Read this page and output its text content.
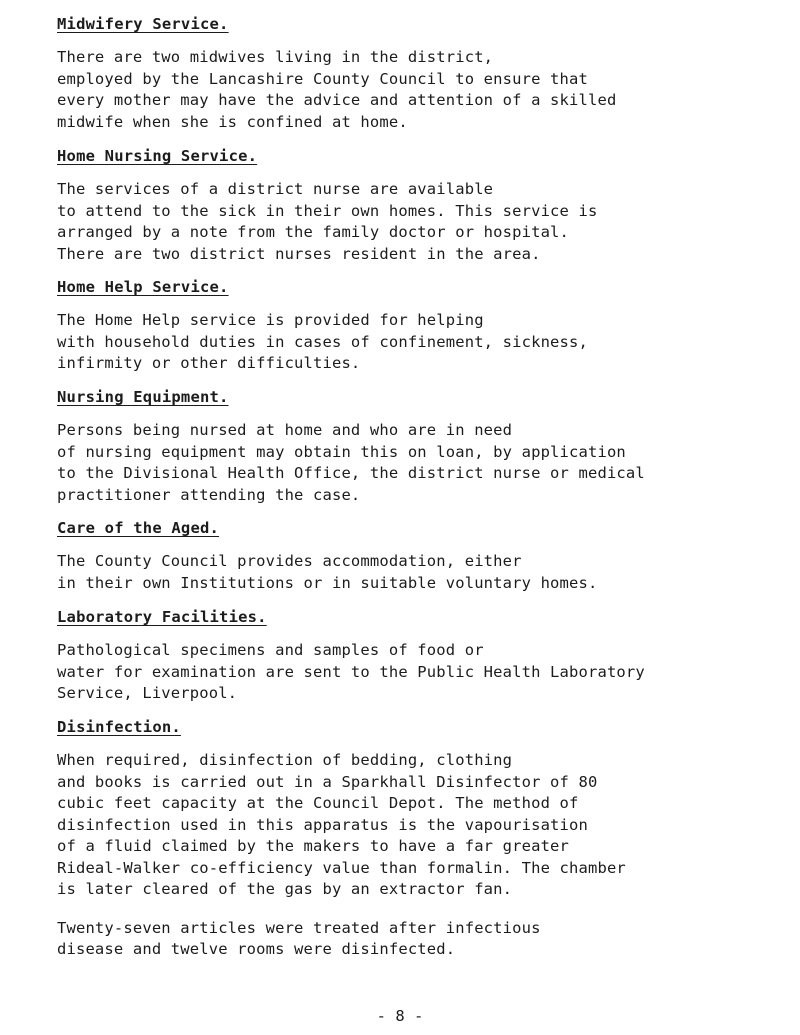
Midwifery Service.

There are two midwives living in the district,
employed by the Lancashire County Council to ensure that
every mother may have the advice and attention of a skilled
midwife when she is confined at home.

Home Nursing Service.

The services of a district nurse are available
to attend to the sick in their own homes. This service is
arranged by a note from the family doctor or hospital.
There are two district nurses resident in the area.

Home Help Service.

The Home Help service is provided for helping
with household duties in cases of confinement, sickness,
infirmity or other difficulties.

Nursing Equipment.

Persons being nursed at home and who are in need
of nursing equipment may obtain this on loan, by application
to the Divisional Health Office, the district nurse or medical
practitioner attending the case.

Care of the Aged.

The County Council provides accommodation, either
in their own Institutions or in suitable voluntary homes.

Laboratory Facilities.

Pathological specimens and samples of food or
water for examination are sent to the Public Health Laboratory
Service, Liverpool.

Disinfection.

When required, disinfection of bedding, clothing
and books is carried out in a Sparkhall Disinfector of 80
cubic feet capacity at the Council Depot. The method of
disinfection used in this apparatus is the vapourisation
of a fluid claimed by the makers to have a far greater
Rideal-Walker co-efficiency value than formalin. The chamber
is later cleared of the gas by an extractor fan.

Twenty-seven articles were treated after infectious
disease and twelve rooms were disinfected.

- 8 -
